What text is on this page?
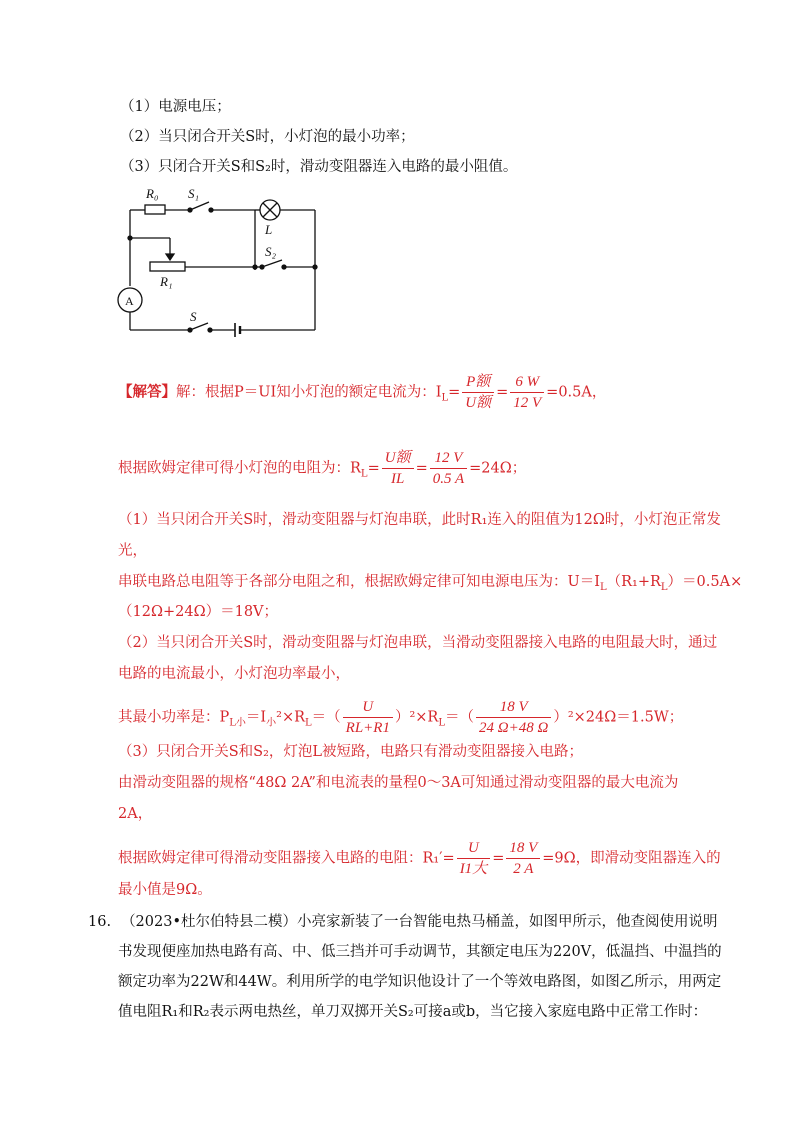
（1）电源电压；
（2）当只闭合开关S时，小灯泡的最小功率；
（3）只闭合开关S和S₂时，滑动变阻器连入电路的最小阻值。
R₀ S₁
L
S₂
R₁
A
S
【解答】解：根据P＝UI知小灯泡的额定电流为：$I_L= \frac{\text{P额}}{\text{U额}} = \frac{6 W}{12 V} =0.5A$，
根据欧姆定律可得小灯泡的电阻为：$R_L= \frac{\text{U额}}{IL} = \frac{12 V}{0.5 A} =24\Omega$；
（1）当只闭合开关S时，滑动变阻器与灯泡串联，此时R₁连入的阻值为12Ω时，小灯泡正常发
光，
串联电路总电阻等于各部分电阻之和，根据欧姆定律可知电源电压为：$U=I_L(R_1+R_L)=0.5A\times$
（12Ω+24Ω）＝18V；
（2）当只闭合开关S时，滑动变阻器与灯泡串联，当滑动变阻器接入电路的电阻最大时，通过
电路的电流最小，小灯泡功率最小，
其最小功率是：$P_{L小}=I_小^2\times R_L=( \frac{U}{RL+R1} )^2\times R_L=( \frac{18 V}{24 \Omega+48 \Omega} )^2\times 24\Omega=1.5W$；
（3）只闭合开关S和S₂，灯泡L被短路，电路只有滑动变阻器接入电路；
由滑动变阻器的规格“48Ω 2A”和电流表的量程0～3A可知通过滑动变阻器的最大电流为
2A，
根据欧姆定律可得滑动变阻器接入电路的电阻：$R_1'= \frac{U}{\text{I1大}} = \frac{18 V}{2 A} =9\Omega$，即滑动变阻器连入的
最小值是9Ω。
16. （2023•杜尔伯特县二模）小亮家新装了一台智能电热马桶盖，如图甲所示，他查阅使用说明
书发现便座加热电路有高、中、低三挡并可手动调节，其额定电压为220V，低温挡、中温挡的
额定功率为22W和44W。利用所学的电学知识他设计了一个等效电路图，如图乙所示，用两定
值电阻R₁和R₂表示两电热丝，单刀双掷开关S₂可接a或b，当它接入家庭电路中正常工作时：
